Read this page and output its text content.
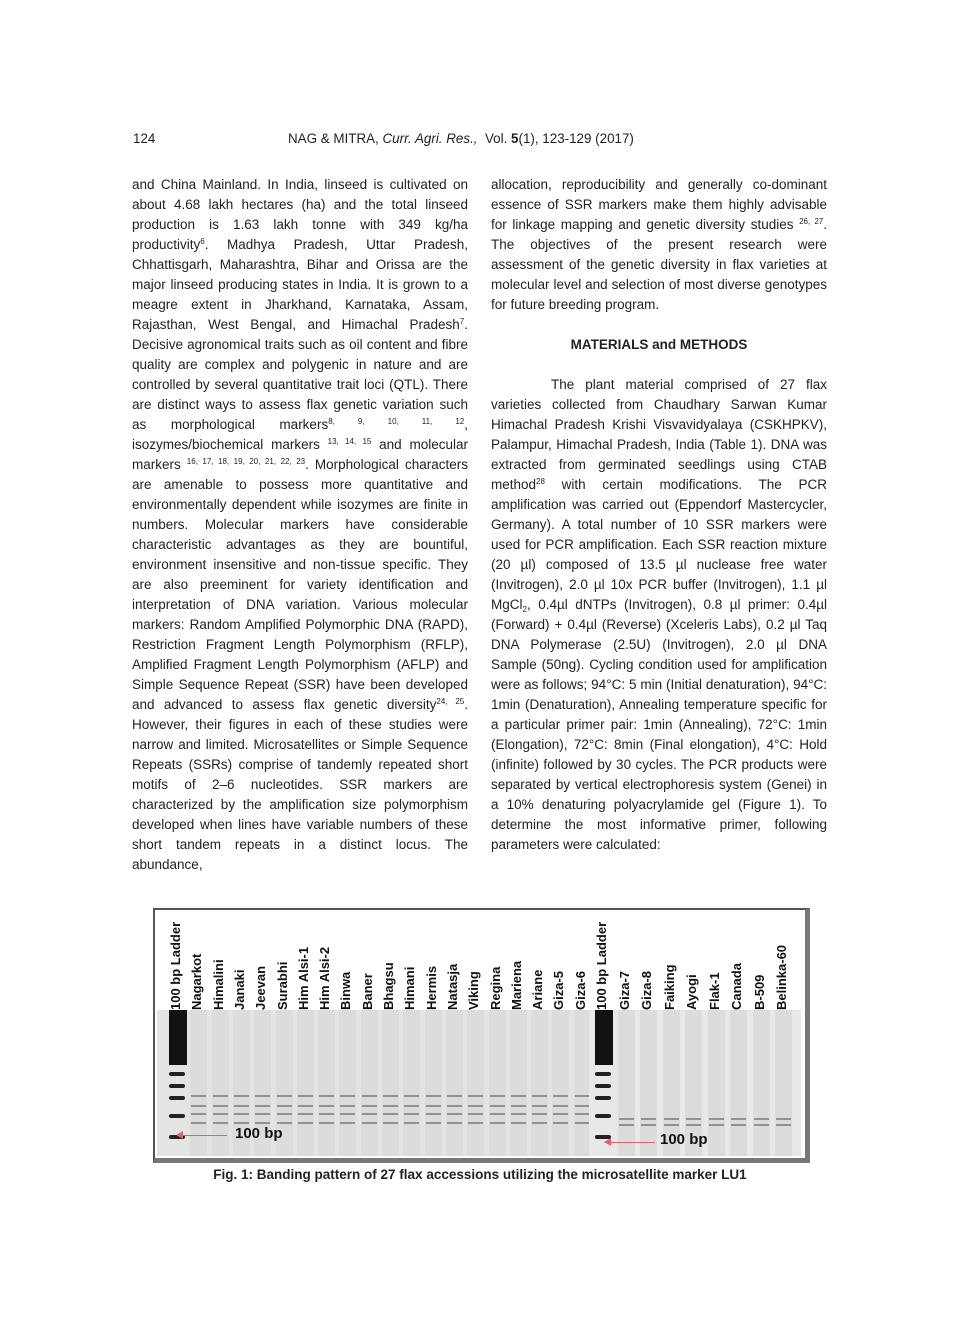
124	NAG & MITRA, Curr. Agri. Res., Vol. 5(1), 123-129 (2017)

and China Mainland. In India, linseed is cultivated on about 4.68 lakh hectares (ha) and the total linseed production is 1.63 lakh tonne with 349 kg/ha productivity$^6$. Madhya Pradesh, Uttar Pradesh, Chhattisgarh, Maharashtra, Bihar and Orissa are the major linseed producing states in India. It is grown to a meagre extent in Jharkhand, Karnataka, Assam, Rajasthan, West Bengal, and Himachal Pradesh$^7$. Decisive agronomical traits such as oil content and fibre quality are complex and polygenic in nature and are controlled by several quantitative trait loci (QTL). There are distinct ways to assess flax genetic variation such as morphological markers$^{8, 9, 10, 11, 12}$, isozymes/biochemical markers $^{13, 14, 15}$ and molecular markers $^{16, 17, 18, 19, 20, 21, 22, 23}$. Morphological characters are amenable to possess more quantitative and environmentally dependent while isozymes are finite in numbers. Molecular markers have considerable characteristic advantages as they are bountiful, environment insensitive and non-tissue specific. They are also preeminent for variety identification and interpretation of DNA variation. Various molecular markers: Random Amplified Polymorphic DNA (RAPD), Restriction Fragment Length Polymorphism (RFLP), Amplified Fragment Length Polymorphism (AFLP) and Simple Sequence Repeat (SSR) have been developed and advanced to assess flax genetic diversity$^{24, 25}$. However, their figures in each of these studies were narrow and limited. Microsatellites or Simple Sequence Repeats (SSRs) comprise of tandemly repeated short motifs of 2–6 nucleotides. SSR markers are characterized by the amplification size polymorphism developed when lines have variable numbers of these short tandem repeats in a distinct locus. The abundance,

allocation, reproducibility and generally co-dominant essence of SSR markers make them highly advisable for linkage mapping and genetic diversity studies $^{26, 27}$. The objectives of the present research were assessment of the genetic diversity in flax varieties at molecular level and selection of most diverse genotypes for future breeding program.

MATERIALS and METHODS

The plant material comprised of 27 flax varieties collected from Chaudhary Sarwan Kumar Himachal Pradesh Krishi Visvavidyalaya (CSKHPKV), Palampur, Himachal Pradesh, India (Table 1). DNA was extracted from germinated seedlings using CTAB method$^{28}$ with certain modifications. The PCR amplification was carried out (Eppendorf Mastercycler, Germany). A total number of 10 SSR markers were used for PCR amplification. Each SSR reaction mixture (20 µl) composed of 13.5 µl nuclease free water (Invitrogen), 2.0 µl 10x PCR buffer (Invitrogen), 1.1 µl MgCl$_2$, 0.4µl dNTPs (Invitrogen), 0.8 µl primer: 0.4µl (Forward) + 0.4µl (Reverse) (Xceleris Labs), 0.2 µl Taq DNA Polymerase (2.5U) (Invitrogen), 2.0 µl DNA Sample (50ng). Cycling condition used for amplification were as follows; 94°C: 5 min (Initial denaturation), 94°C: 1min (Denaturation), Annealing temperature specific for a particular primer pair: 1min (Annealing), 72°C: 1min (Elongation), 72°C: 8min (Final elongation), 4°C: Hold (infinite) followed by 30 cycles. The PCR products were separated by vertical electrophoresis system (Genei) in a 10% denaturing polyacrylamide gel (Figure 1). To determine the most informative primer, following parameters were calculated:

100 bp Ladder Nagarkot Himalini Janaki Jeevan Surabhi Him Alsi-1 Him Alsi-2 Binwa Baner Bhagsu Himani Hermis Natasja Viking Regina Mariena Ariane Giza-5 Giza-6 100 bp Ladder Giza-7 Giza-8 Faiking Ayogi Flak-1 Canada B-509 Belinka-60
100 bp	100 bp
Fig. 1: Banding pattern of 27 flax accessions utilizing the microsatellite marker LU1
